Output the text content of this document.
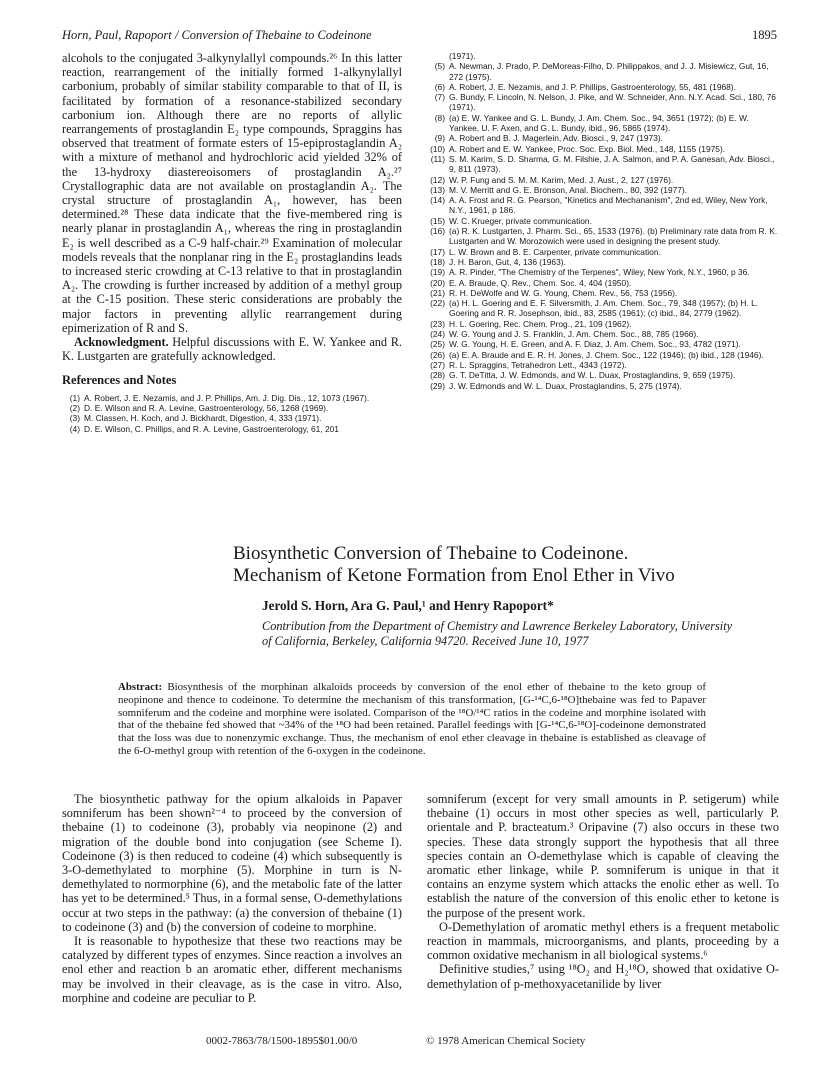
Horn, Paul, Rapoport / Conversion of Thebaine to Codeinone	1895

alcohols to the conjugated 3-alkynylallyl compounds.²⁶ In this latter reaction, rearrangement of the initially formed 1-alkynylallyl carbonium, probably of similar stability comparable to that of II, is facilitated by formation of a resonance-stabilized secondary carbonium ion. Although there are no reports of allylic rearrangements of prostaglandin E₂ type compounds, Spraggins has observed that treatment of formate esters of 15-epiprostaglandin A₂ with a mixture of methanol and hydrochloric acid yielded 32% of the 13-hydroxy diastereoisomers of prostaglandin A₂.²⁷ Crystallographic data are not available on prostaglandin A₂. The crystal structure of prostaglandin A₁, however, has been determined.²⁸ These data indicate that the five-membered ring is nearly planar in prostaglandin A₁, whereas the ring in prostaglandin E₂ is well described as a C-9 half-chair.²⁹ Examination of molecular models reveals that the nonplanar ring in the E₂ prostaglandins leads to increased steric crowding at C-13 relative to that in prostaglandin A₂. The crowding is further increased by addition of a methyl group at the C-15 position. These steric considerations are probably the major factors in preventing allylic rearrangement during epimerization of R and S.

Acknowledgment. Helpful discussions with E. W. Yankee and R. K. Lustgarten are gratefully acknowledged.

References and Notes
(1) A. Robert, J. E. Nezamis, and J. P. Phillips, Am. J. Dig. Dis., 12, 1073 (1967).
(2) D. E. Wilson and R. A. Levine, Gastroenterology, 56, 1268 (1969).
(3) M. Classen, H. Koch, and J. Bickhardt, Digestion, 4, 333 (1971).
(4) D. E. Wilson, C. Phillips, and R. A. Levine, Gastroenterology, 61, 201
(1971).
(5) A. Newman, J. Prado, P. DeMoreas-Filho, D. Philippakos, and J. J. Misiewicz, Gut, 16, 272 (1975).
(6) A. Robert, J. E. Nezamis, and J. P. Phillips, Gastroenterology, 55, 481 (1968).
(7) G. Bundy, F. Lincoln, N. Nelson, J. Pike, and W. Schneider, Ann. N.Y. Acad. Sci., 180, 76 (1971).
(8) (a) E. W. Yankee and G. L. Bundy, J. Am. Chem. Soc., 94, 3651 (1972); (b) E. W. Yankee, U. F. Axen, and G. L. Bundy, ibid., 96, 5865 (1974).
(9) A. Robert and B. J. Magerlein, Adv. Biosci., 9, 247 (1973).
(10) A. Robert and E. W. Yankee, Proc. Soc. Exp. Biol. Med., 148, 1155 (1975).
(11) S. M. Karim, S. D. Sharma, G. M. Filshie, J. A. Salmon, and P. A. Ganesan, Adv. Biosci., 9, 811 (1973).
(12) W. P. Fung and S. M. M. Karim, Med. J. Aust., 2, 127 (1976).
(13) M. V. Merritt and G. E. Bronson, Anal. Biochem., 80, 392 (1977).
(14) A. A. Frost and R. G. Pearson, "Kinetics and Mechananism", 2nd ed, Wiley, New York, N.Y., 1961, p 186.
(15) W. C. Krueger, private communication.
(16) (a) R. K. Lustgarten, J. Pharm. Sci., 65, 1533 (1976). (b) Preliminary rate data from R. K. Lustgarten and W. Morozowich were used in designing the present study.
(17) L. W. Brown and B. E. Carpenter, private communication.
(18) J. H. Baron, Gut, 4, 136 (1963).
(19) A. R. Pinder, "The Chemistry of the Terpenes", Wiley, New York, N.Y., 1960, p 36.
(20) E. A. Braude, Q. Rev., Chem. Soc. 4, 404 (1950).
(21) R. H. DeWolfe and W. G. Young, Chem. Rev., 56, 753 (1956).
(22) (a) H. L. Goering and E. F. Silversmith, J. Am. Chem. Soc., 79, 348 (1957); (b) H. L. Goering and R. R. Josephson, ibid., 83, 2585 (1961); (c) ibid., 84, 2779 (1962).
(23) H. L. Goering, Rec. Chem. Prog., 21, 109 (1962).
(24) W. G. Young and J. S. Franklin, J. Am. Chem. Soc., 88, 785 (1966).
(25) W. G. Young, H. E. Green, and A. F. Diaz, J. Am. Chem. Soc., 93, 4782 (1971).
(26) (a) E. A. Braude and E. R. H. Jones, J. Chem. Soc., 122 (1946); (b) ibid., 128 (1946).
(27) R. L. Spraggins, Tetrahedron Lett., 4343 (1972).
(28) G. T. DeTitta, J. W. Edmonds, and W. L. Duax, Prostaglandins, 9, 659 (1975).
(29) J. W. Edmonds and W. L. Duax, Prostaglandins, 5, 275 (1974).
Biosynthetic Conversion of Thebaine to Codeinone.
Mechanism of Ketone Formation from Enol Ether in Vivo
Jerold S. Horn, Ara G. Paul,¹ and Henry Rapoport*
Contribution from the Department of Chemistry and Lawrence Berkeley Laboratory, University of California, Berkeley, California 94720. Received June 10, 1977
Abstract: Biosynthesis of the morphinan alkaloids proceeds by conversion of the enol ether of thebaine to the keto group of neopinone and thence to codeinone. To determine the mechanism of this transformation, [G-¹⁴C,6-¹⁸O]thebaine was fed to Papaver somniferum and the codeine and morphine were isolated. Comparison of the ¹⁸O/¹⁴C ratios in the codeine and morphine isolated with that of the thebaine fed showed that ~34% of the ¹⁸O had been retained. Parallel feedings with [G-¹⁴C,6-¹⁸O]-codeinone demonstrated that the loss was due to nonenzymic exchange. Thus, the mechanism of enol ether cleavage in thebaine is established as cleavage of the 6-O-methyl group with retention of the 6-oxygen in the codeinone.

The biosynthetic pathway for the opium alkaloids in Papaver somniferum has been shown²⁻⁴ to proceed by the conversion of thebaine (1) to codeinone (3), probably via neopinone (2) and migration of the double bond into conjugation (see Scheme I). Codeinone (3) is then reduced to codeine (4) which subsequently is 3-O-demethylated to morphine (5). Morphine in turn is N-demethylated to normorphine (6), and the metabolic fate of the latter has yet to be determined.⁵ Thus, in a formal sense, O-demethylations occur at two steps in the pathway: (a) the conversion of thebaine (1) to codeinone (3) and (b) the conversion of codeine to morphine.

It is reasonable to hypothesize that these two reactions may be catalyzed by different types of enzymes. Since reaction a involves an enol ether and reaction b an aromatic ether, different mechanisms may be involved in their cleavage, as is the case in vitro. Also, morphine and codeine are peculiar to P.

somniferum (except for very small amounts in P. setigerum) while thebaine (1) occurs in most other species as well, particularly P. orientale and P. bracteatum.³ Oripavine (7) also occurs in these two species. These data strongly support the hypothesis that all three species contain an O-demethylase which is capable of cleaving the aromatic ether linkage, while P. somniferum is unique in that it contains an enzyme system which attacks the enolic ether as well. To establish the nature of the conversion of this enolic ether to ketone is the purpose of the present work.

O-Demethylation of aromatic methyl ethers is a frequent metabolic reaction in mammals, microorganisms, and plants, proceeding by a common oxidative mechanism in all biological systems.⁶

Definitive studies,⁷ using ¹⁸O₂ and H₂¹⁸O, showed that oxidative O-demethylation of p-methoxyacetanilide by liver

0002-7863/78/1500-1895$01.00/0	© 1978 American Chemical Society
